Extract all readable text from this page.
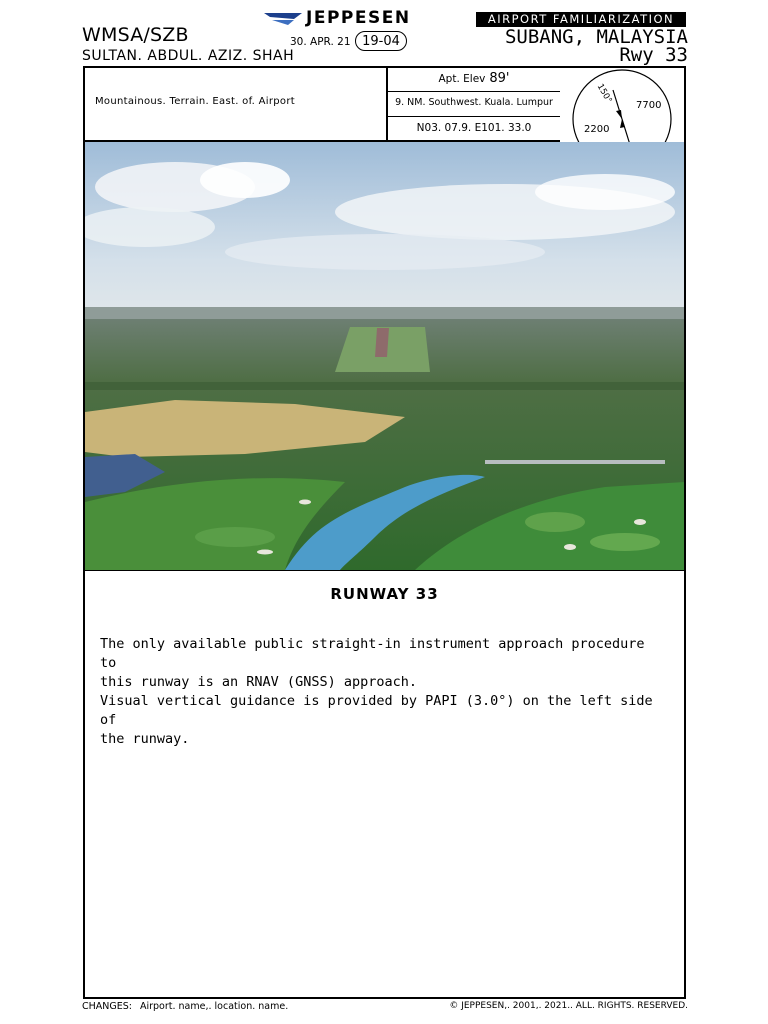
WMSA/SZB
SULTAN. ABDUL. AZIZ. SHAH
JEPPESEN
30. APR. 21 19-04
AIRPORT FAMILIARIZATION
SUBANG, MALAYSIA
Rwy 33
Mountainous. Terrain. East. of. Airport
Apt. Elev 89'
9. NM. Southwest. Kuala. Lumpur
N03. 07.9. E101. 33.0
150°
7700
2200
RUNWAY 33
The only available public straight-in instrument approach procedure to
this runway is an RNAV (GNSS) approach.
Visual vertical guidance is provided by PAPI (3.0°) on the left side of
the runway.
CHANGES: Airport. name,. location. name.	© JEPPESEN,. 2001,. 2021.. ALL. RIGHTS. RESERVED.
